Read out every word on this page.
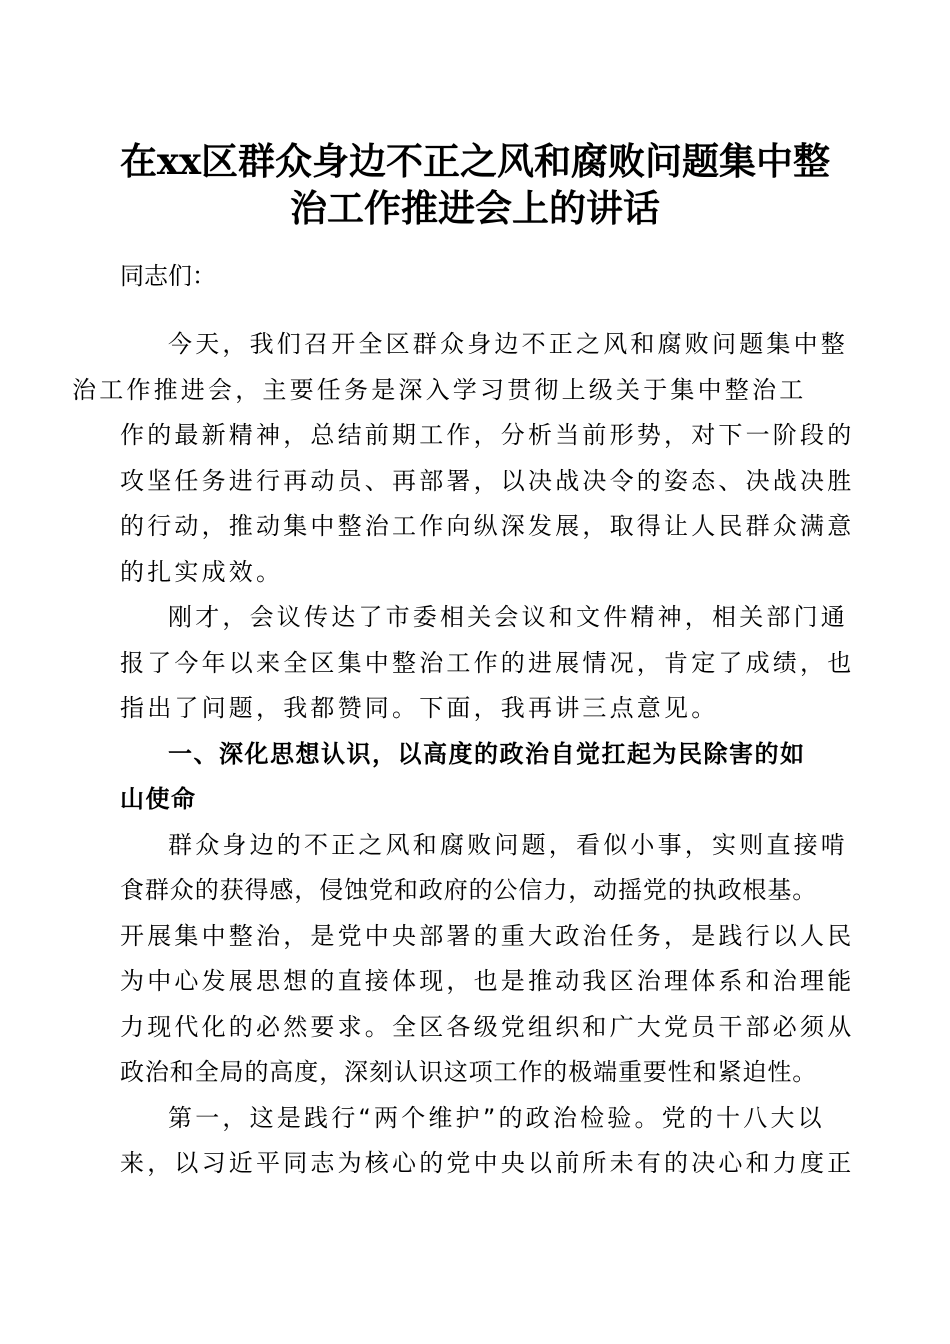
在xx区群众身边不正之风和腐败问题集中整
治工作推进会上的讲话

同志们：

今天，我们召开全区群众身边不正之风和腐败问题集中整
治工作推进会，主要任务是深入学习贯彻上级关于集中整治工
作的最新精神，总结前期工作，分析当前形势，对下一阶段的
攻坚任务进行再动员、再部署，以决战决令的姿态、决战决胜
的行动，推动集中整治工作向纵深发展，取得让人民群众满意
的扎实成效。

刚才，会议传达了市委相关会议和文件精神，相关部门通
报了今年以来全区集中整治工作的进展情况，肯定了成绩，也
指出了问题，我都赞同。下面，我再讲三点意见。

一、深化思想认识，以高度的政治自觉扛起为民除害的如
山使命

群众身边的不正之风和腐败问题，看似小事，实则直接啃
食群众的获得感，侵蚀党和政府的公信力，动摇党的执政根基。
开展集中整治，是党中央部署的重大政治任务，是践行以人民
为中心发展思想的直接体现，也是推动我区治理体系和治理能
力现代化的必然要求。全区各级党组织和广大党员干部必须从
政治和全局的高度，深刻认识这项工作的极端重要性和紧迫性。

第一，这是践行“两个维护”的政治检验。党的十八大以
来，以习近平同志为核心的党中央以前所未有的决心和力度正
